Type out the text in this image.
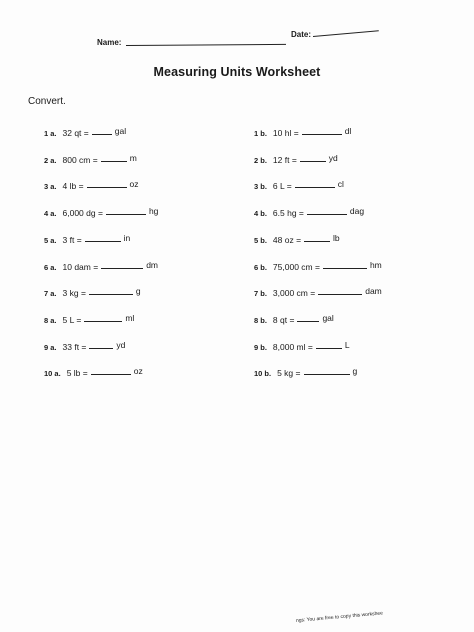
Name:
Date:
Measuring Units Worksheet
Convert.
1 a. 32 qt =	gal
2 a. 800 cm =	m
3 a. 4 lb =	oz
4 a. 6,000 dg =	hg
5 a. 3 ft =	in
6 a. 10 dam =	dm
7 a. 3 kg =	g
8 a. 5 L =	ml
9 a. 33 ft =	yd
10 a. 5 lb =	oz
1 b. 10 hl =	dl
2 b. 12 ft =	yd
3 b. 6 L =	cl
4 b. 6.5 hg =	dag
5 b. 48 oz =	lb
6 b. 75,000 cm =	hm
7 b. 3,000 cm =	dam
8 b. 8 qt =	gal
9 b. 8,000 ml =	L
10 b. 5 kg =	g
ngs: You are free to copy this workshee
